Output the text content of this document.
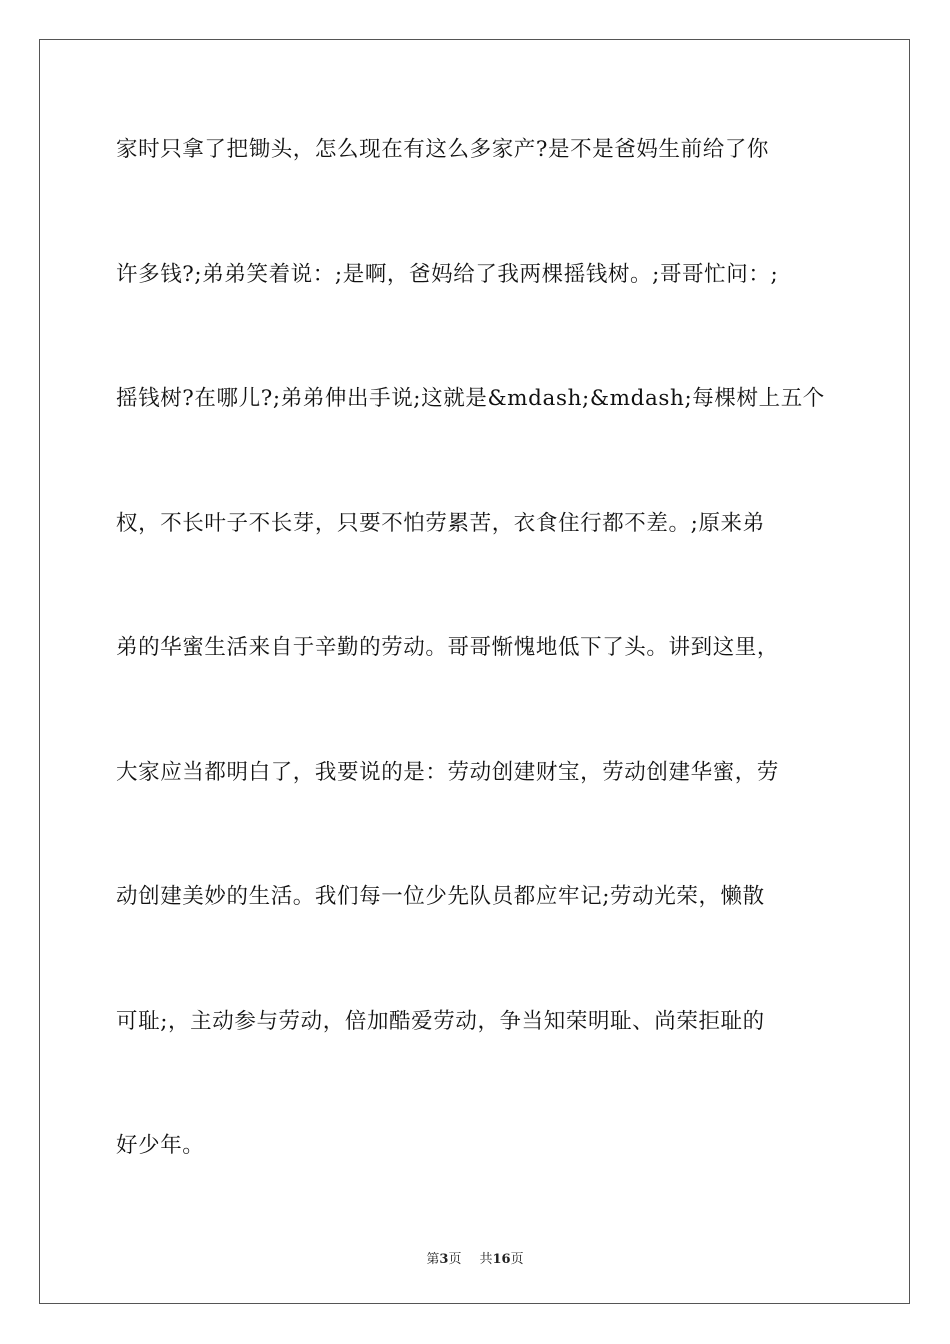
家时只拿了把锄头，怎么现在有这么多家产?是不是爸妈生前给了你
许多钱?;弟弟笑着说：;是啊，爸妈给了我两棵摇钱树。;哥哥忙问：;
摇钱树?在哪儿?;弟弟伸出手说;这就是&mdash;&mdash;每棵树上五个
杈，不长叶子不长芽，只要不怕劳累苦，衣食住行都不差。;原来弟
弟的华蜜生活来自于辛勤的劳动。哥哥惭愧地低下了头。讲到这里，
大家应当都明白了，我要说的是：劳动创建财宝，劳动创建华蜜，劳
动创建美妙的生活。我们每一位少先队员都应牢记;劳动光荣，懒散
可耻;，主动参与劳动，倍加酷爱劳动，争当知荣明耻、尚荣拒耻的
好少年。
第3页 共16页
